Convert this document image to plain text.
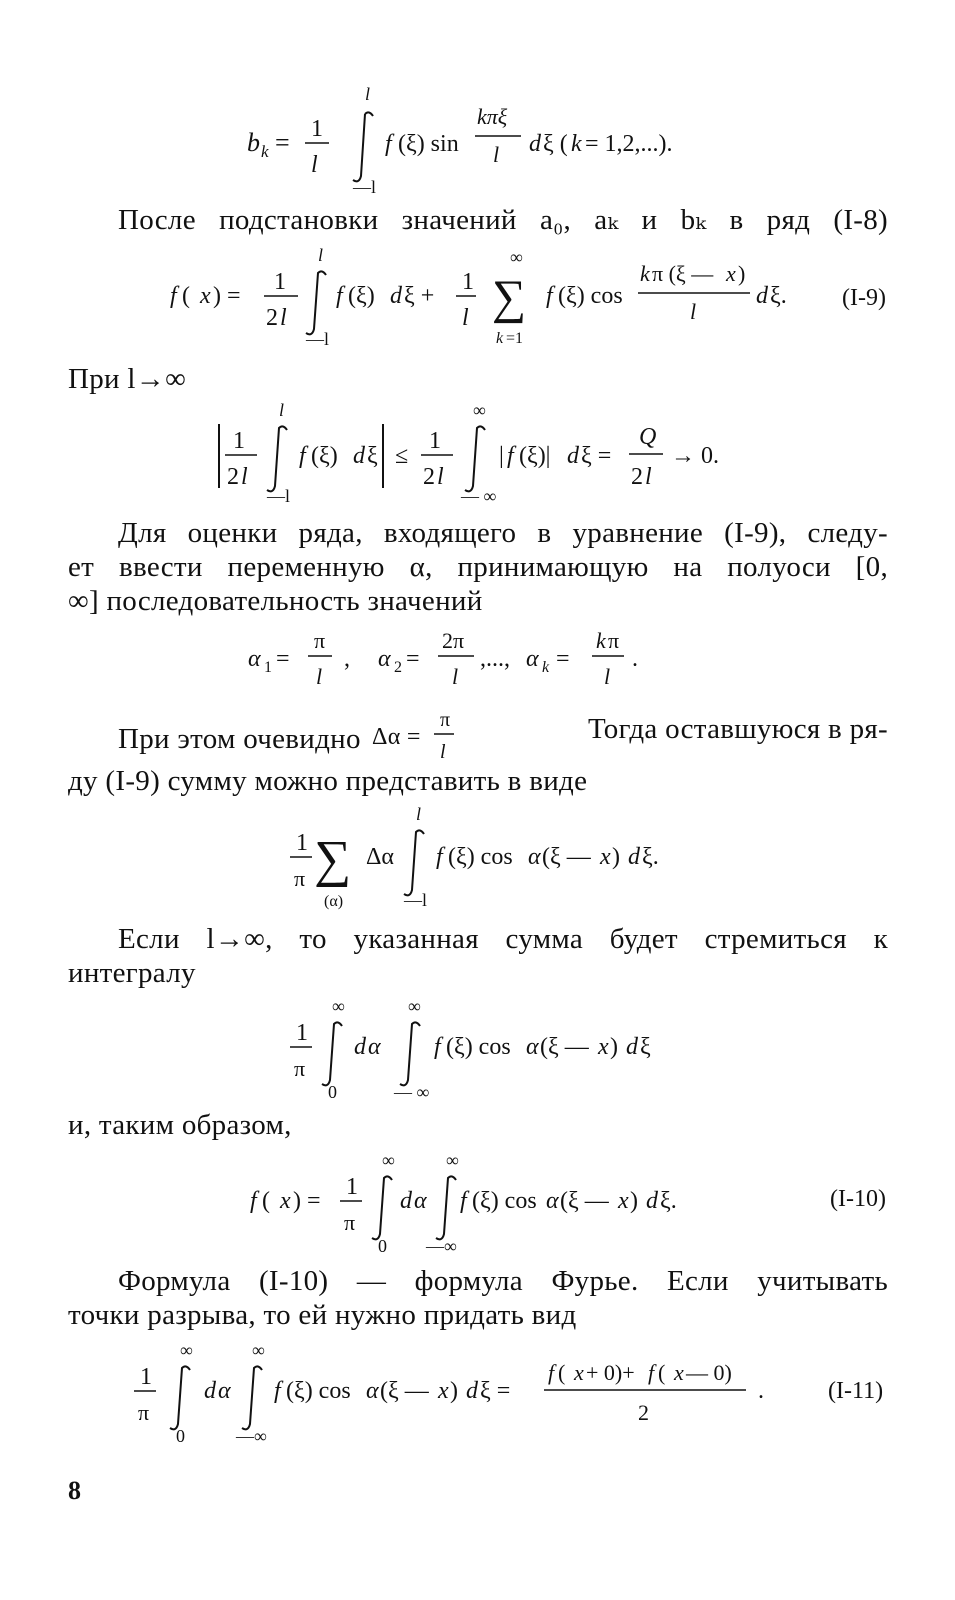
b k = 1
l
l
—l
f (ξ) sin
kπξ
l d ξ ( k = 1,2,...).
После подстановки значений a₀, aₖ и bₖ в ряд (I-8)
f ( x ) =
1
2 l
l
—l
f (ξ) d ξ +
1
l
∞
∑
k =1
f (ξ) cos
k π (ξ — x )
l
d ξ. (I-9)
При l→∞
1
2 l
l
—l
f (ξ) d ξ ≤
1
2 l
∞
— ∞
| f (ξ)| d ξ =
Q
2 l
→ 0.
Для оценки ряда, входящего в уравнение (I-9), следу-
ет ввести переменную α, принимающую на полуоси [0,
∞] последовательность значений
α 1 =
π
l
, α 2 =
2π
l
,..., α k =
k π
l
.
При этом очевидно Δα =
π
l
Тогда оставшуюся в ря-
ду (I-9) сумму можно представить в виде
1
π ∑
(α)
Δα
l
—l
f (ξ) cos α (ξ — x ) d ξ.
Если l→∞, то указанная сумма будет стремиться к
интегралу
1
π
∞
0
d α
∞
— ∞
f (ξ) cos α (ξ — x ) d ξ
и, таким образом,
f ( x ) =
1
π
∞
0
d α
∞
—∞
f (ξ) cos α (ξ — x ) d ξ.	(I-10)
Формула (I-10) — формула Фурье. Если учитывать
точки разрыва, то ей нужно придать вид
1
π
∞
0
d α
∞
—∞
f (ξ) cos α (ξ — x ) d ξ =
f ( x + 0)+ f ( x — 0)
2
.	(I-11)
8
